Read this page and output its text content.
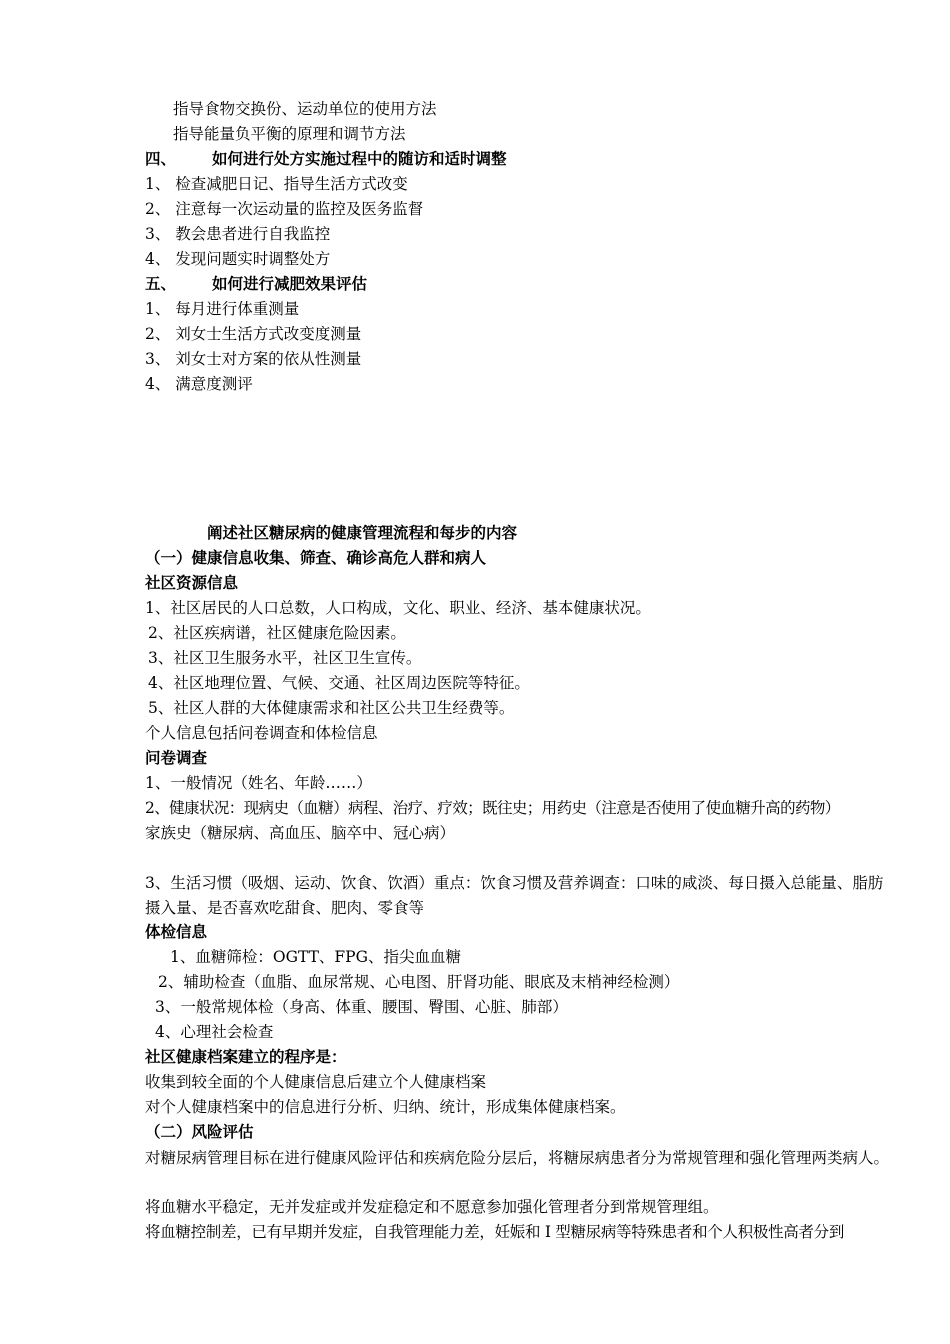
指导食物交换份、运动单位的使用方法
指导能量负平衡的原理和调节方法
四、 如何进行处方实施过程中的随访和适时调整
1、 检查减肥日记、指导生活方式改变
2、 注意每一次运动量的监控及医务监督
3、 教会患者进行自我监控
4、 发现问题实时调整处方
五、 如何进行减肥效果评估
1、 每月进行体重测量
2、 刘女士生活方式改变度测量
3、 刘女士对方案的依从性测量
4、 满意度测评
阐述社区糖尿病的健康管理流程和每步的内容
（一）健康信息收集、筛查、确诊高危人群和病人
社区资源信息
1、社区居民的人口总数，人口构成，文化、职业、经济、基本健康状况。
2、社区疾病谱，社区健康危险因素。
3、社区卫生服务水平，社区卫生宣传。
4、社区地理位置、气候、交通、社区周边医院等特征。
5、社区人群的大体健康需求和社区公共卫生经费等。
个人信息包括问卷调查和体检信息
问卷调查
1、一般情况（姓名、年龄……）
2、健康状况：现病史（血糖）病程、治疗、疗效；既往史；用药史（注意是否使用了使血糖升高的药物）
家族史（糖尿病、高血压、脑卒中、冠心病）
3、生活习惯（吸烟、运动、饮食、饮酒）重点：饮食习惯及营养调查：口味的咸淡、每日摄入总能量、脂肪摄入量、是否喜欢吃甜食、肥肉、零食等
体检信息
1、血糖筛检：OGTT、FPG、指尖血血糖
2、辅助检查（血脂、血尿常规、心电图、肝肾功能、眼底及末梢神经检测）
3、一般常规体检（身高、体重、腰围、臀围、心脏、肺部）
4、心理社会检查
社区健康档案建立的程序是：
收集到较全面的个人健康信息后建立个人健康档案
对个人健康档案中的信息进行分析、归纳、统计，形成集体健康档案。
（二）风险评估
对糖尿病管理目标在进行健康风险评估和疾病危险分层后，将糖尿病患者分为常规管理和强化管理两类病人。
将血糖水平稳定，无并发症或并发症稳定和不愿意参加强化管理者分到常规管理组。
将血糖控制差，已有早期并发症，自我管理能力差，妊娠和 I 型糖尿病等特殊患者和个人积极性高者分到
